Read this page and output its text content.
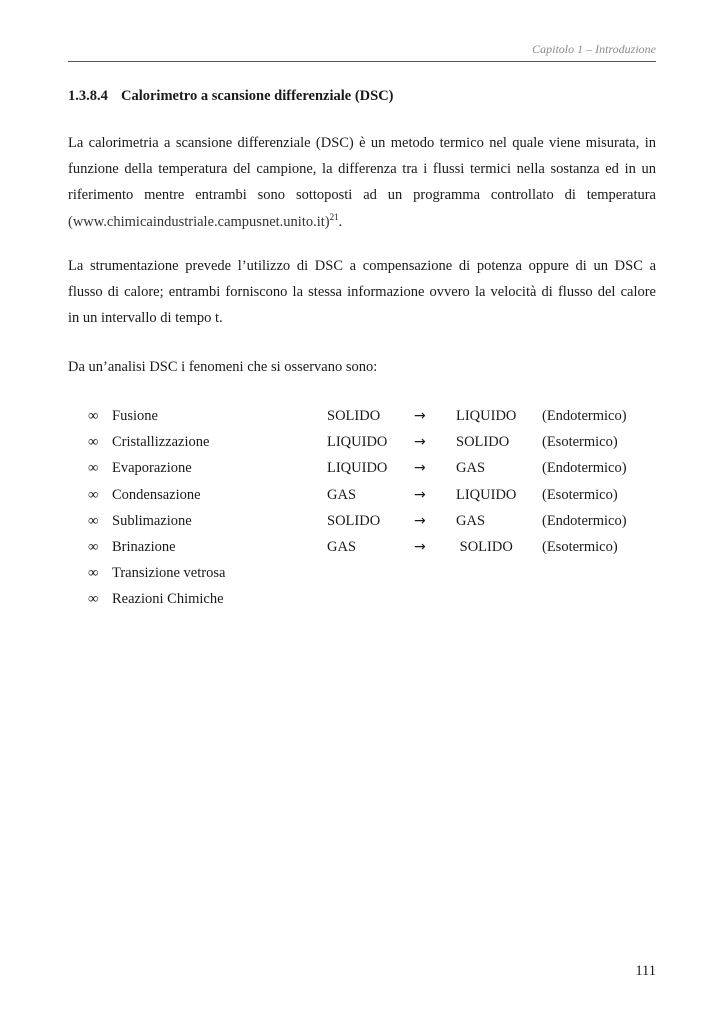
Capitolo 1 – Introduzione
1.3.8.4 Calorimetro a scansione differenziale (DSC)
La calorimetria a scansione differenziale (DSC) è un metodo termico nel quale viene misurata, in
funzione della temperatura del campione, la differenza tra i flussi termici nella sostanza ed in un
riferimento mentre entrambi sono sottoposti ad un programma controllato di temperatura
(www.chimicaindustriale.campusnet.unito.it)$^{21}$.
La strumentazione prevede l’utilizzo di DSC a compensazione di potenza oppure di un DSC a
flusso di calore; entrambi forniscono la stessa informazione ovvero la velocità di flusso del calore
in un intervallo di tempo t.
Da un’analisi DSC i fenomeni che si osservano sono:
∞ Fusione	SOLIDO → LIQUIDO (Endotermico)
∞ Cristallizzazione	LIQUIDO → SOLIDO (Esotermico)
∞ Evaporazione	LIQUIDO → GAS	(Endotermico)
∞ Condensazione	GAS	→ LIQUIDO (Esotermico)
∞ Sublimazione	SOLIDO → GAS	(Endotermico)
∞ Brinazione	GAS	→ SOLIDO (Esotermico)
∞ Transizione vetrosa
∞ Reazioni Chimiche
111
